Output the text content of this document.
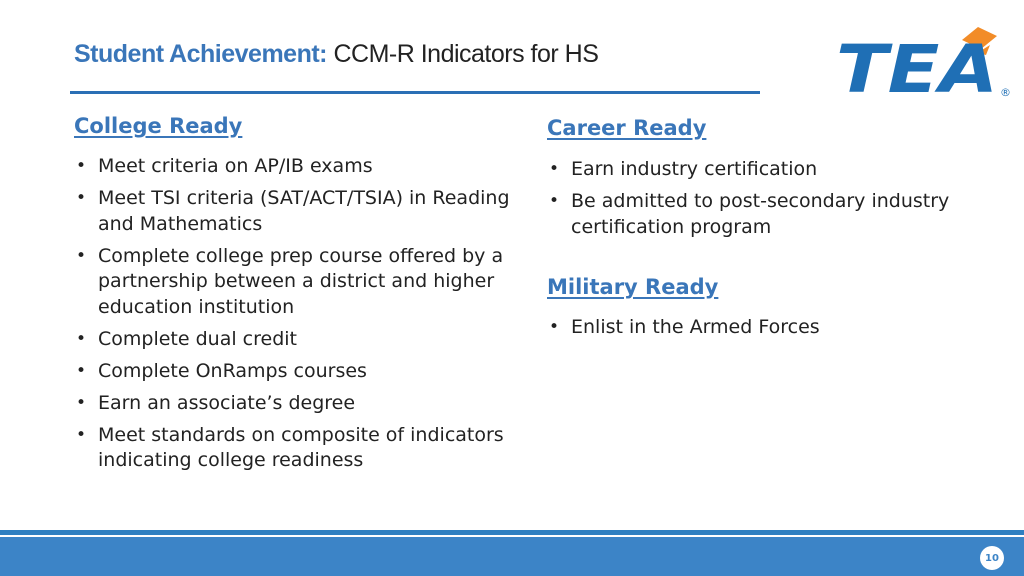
Student Achievement: CCM-R Indicators for HS	TEA ®
College Ready
• Meet criteria on AP/IB exams
• Meet TSI criteria (SAT/ACT/TSIA) in Reading and Mathematics
• Complete college prep course offered by a partnership between a district and higher education institution
• Complete dual credit
• Complete OnRamps courses
• Earn an associate’s degree
• Meet standards on composite of indicators indicating college readiness
Career Ready
• Earn industry certification
• Be admitted to post-secondary industry certification program
Military Ready
• Enlist in the Armed Forces
10
